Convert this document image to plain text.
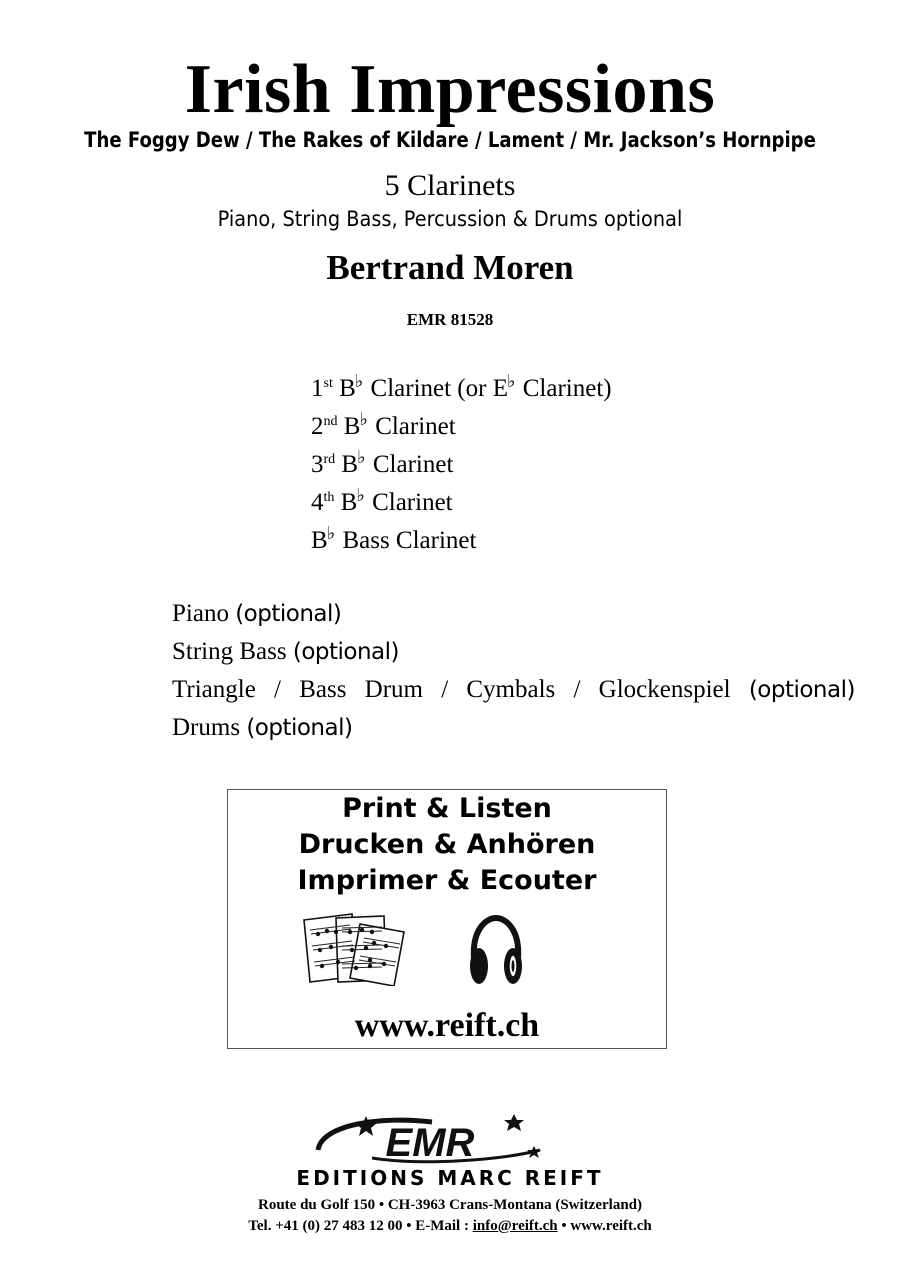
Irish Impressions
The Foggy Dew / The Rakes of Kildare / Lament / Mr. Jackson’s Hornpipe
5 Clarinets
Piano, String Bass, Percussion & Drums optional
Bertrand Moren
EMR 81528
1st B♭ Clarinet (or E♭ Clarinet)
2nd B♭ Clarinet
3rd B♭ Clarinet
4th B♭ Clarinet
B♭ Bass Clarinet
Piano (optional)
String Bass (optional)
Triangle / Bass Drum / Cymbals / Glockenspiel (optional)
Drums (optional)
Print & Listen
Drucken & Anhören
Imprimer & Ecouter
www.reift.ch
EMR
EDITIONS MARC REIFT
Route du Golf 150 • CH-3963 Crans-Montana (Switzerland)
Tel. +41 (0) 27 483 12 00 • E-Mail : info@reift.ch • www.reift.ch
